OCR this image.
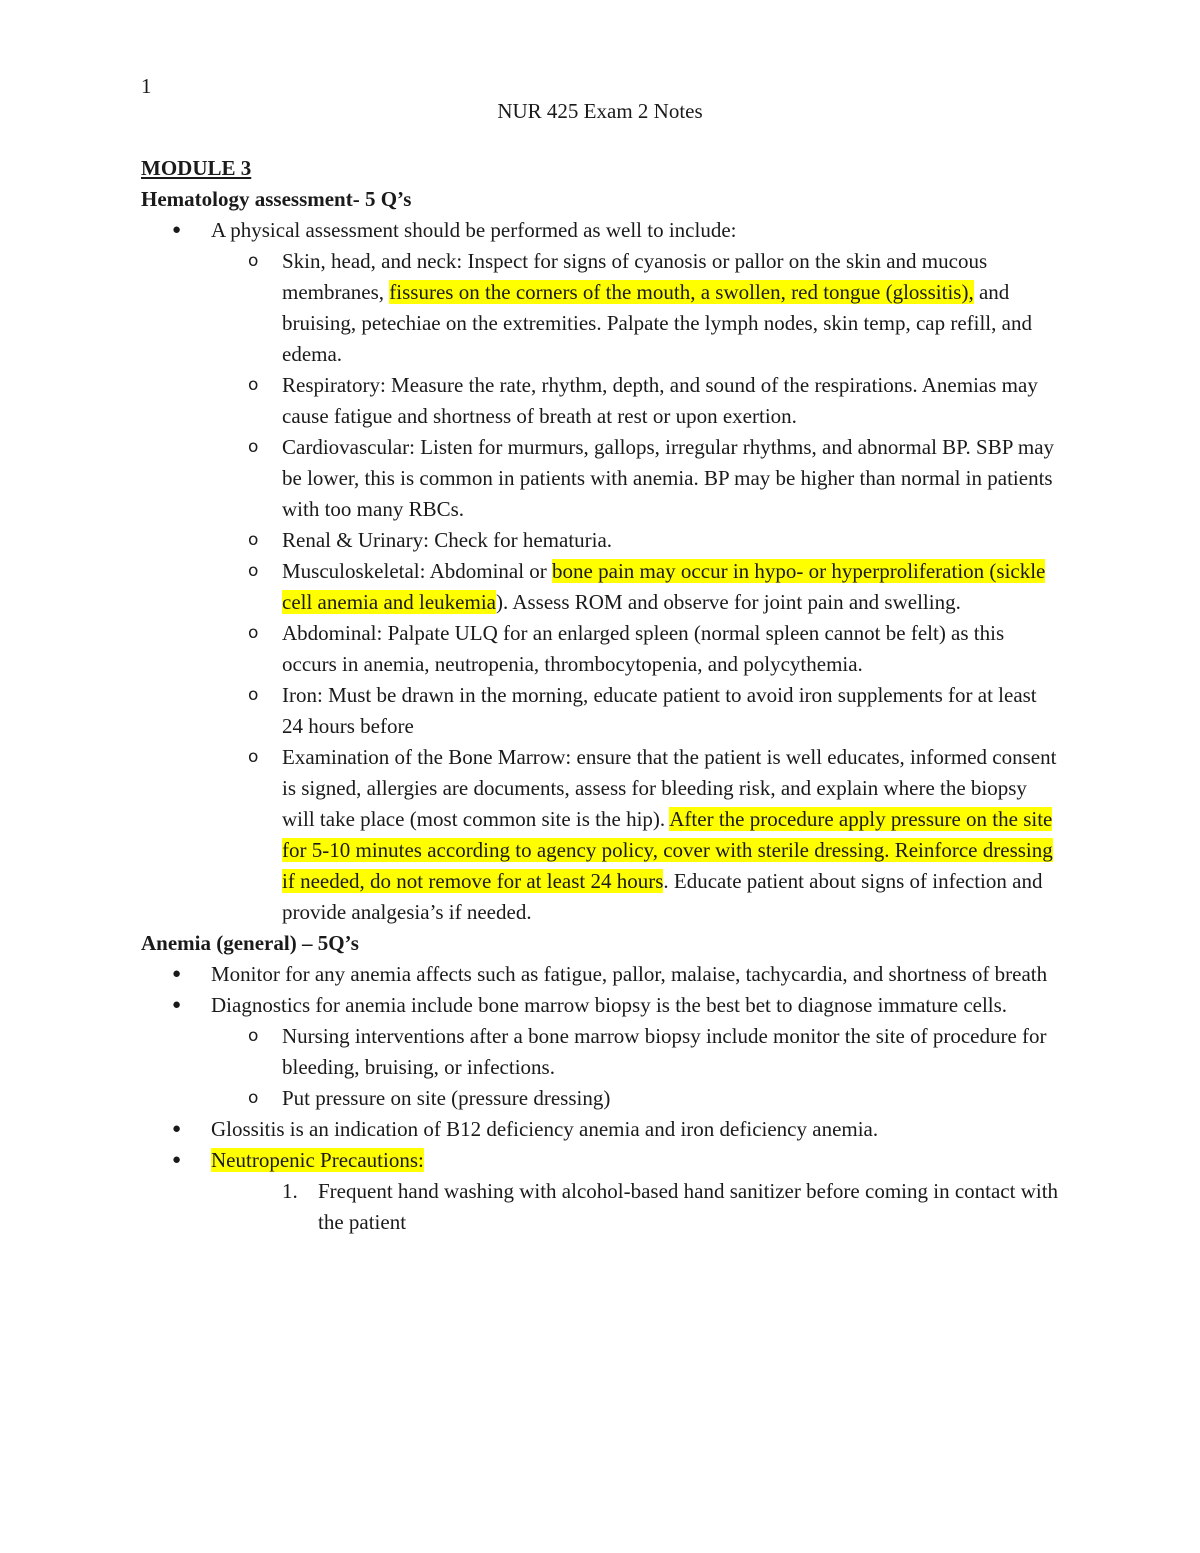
1
NUR 425 Exam 2 Notes
MODULE 3
Hematology assessment- 5 Q’s
● A physical assessment should be performed as well to include:
o Skin, head, and neck: Inspect for signs of cyanosis or pallor on the skin and mucous membranes, fissures on the corners of the mouth, a swollen, red tongue (glossitis), and bruising, petechiae on the extremities. Palpate the lymph nodes, skin temp, cap refill, and edema.
o Respiratory: Measure the rate, rhythm, depth, and sound of the respirations. Anemias may cause fatigue and shortness of breath at rest or upon exertion.
o Cardiovascular: Listen for murmurs, gallops, irregular rhythms, and abnormal BP. SBP may be lower, this is common in patients with anemia. BP may be higher than normal in patients with too many RBCs.
o Renal & Urinary: Check for hematuria.
o Musculoskeletal: Abdominal or bone pain may occur in hypo- or hyperproliferation (sickle cell anemia and leukemia). Assess ROM and observe for joint pain and swelling.
o Abdominal: Palpate ULQ for an enlarged spleen (normal spleen cannot be felt) as this occurs in anemia, neutropenia, thrombocytopenia, and polycythemia.
o Iron: Must be drawn in the morning, educate patient to avoid iron supplements for at least 24 hours before
o Examination of the Bone Marrow: ensure that the patient is well educates, informed consent is signed, allergies are documents, assess for bleeding risk, and explain where the biopsy will take place (most common site is the hip). After the procedure apply pressure on the site for 5-10 minutes according to agency policy, cover with sterile dressing. Reinforce dressing if needed, do not remove for at least 24 hours. Educate patient about signs of infection and provide analgesia’s if needed.
Anemia (general) – 5Q’s
● Monitor for any anemia affects such as fatigue, pallor, malaise, tachycardia, and shortness of breath
● Diagnostics for anemia include bone marrow biopsy is the best bet to diagnose immature cells.
o Nursing interventions after a bone marrow biopsy include monitor the site of procedure for bleeding, bruising, or infections.
o Put pressure on site (pressure dressing)
● Glossitis is an indication of B12 deficiency anemia and iron deficiency anemia.
● Neutropenic Precautions:
1. Frequent hand washing with alcohol-based hand sanitizer before coming in contact with the patient
